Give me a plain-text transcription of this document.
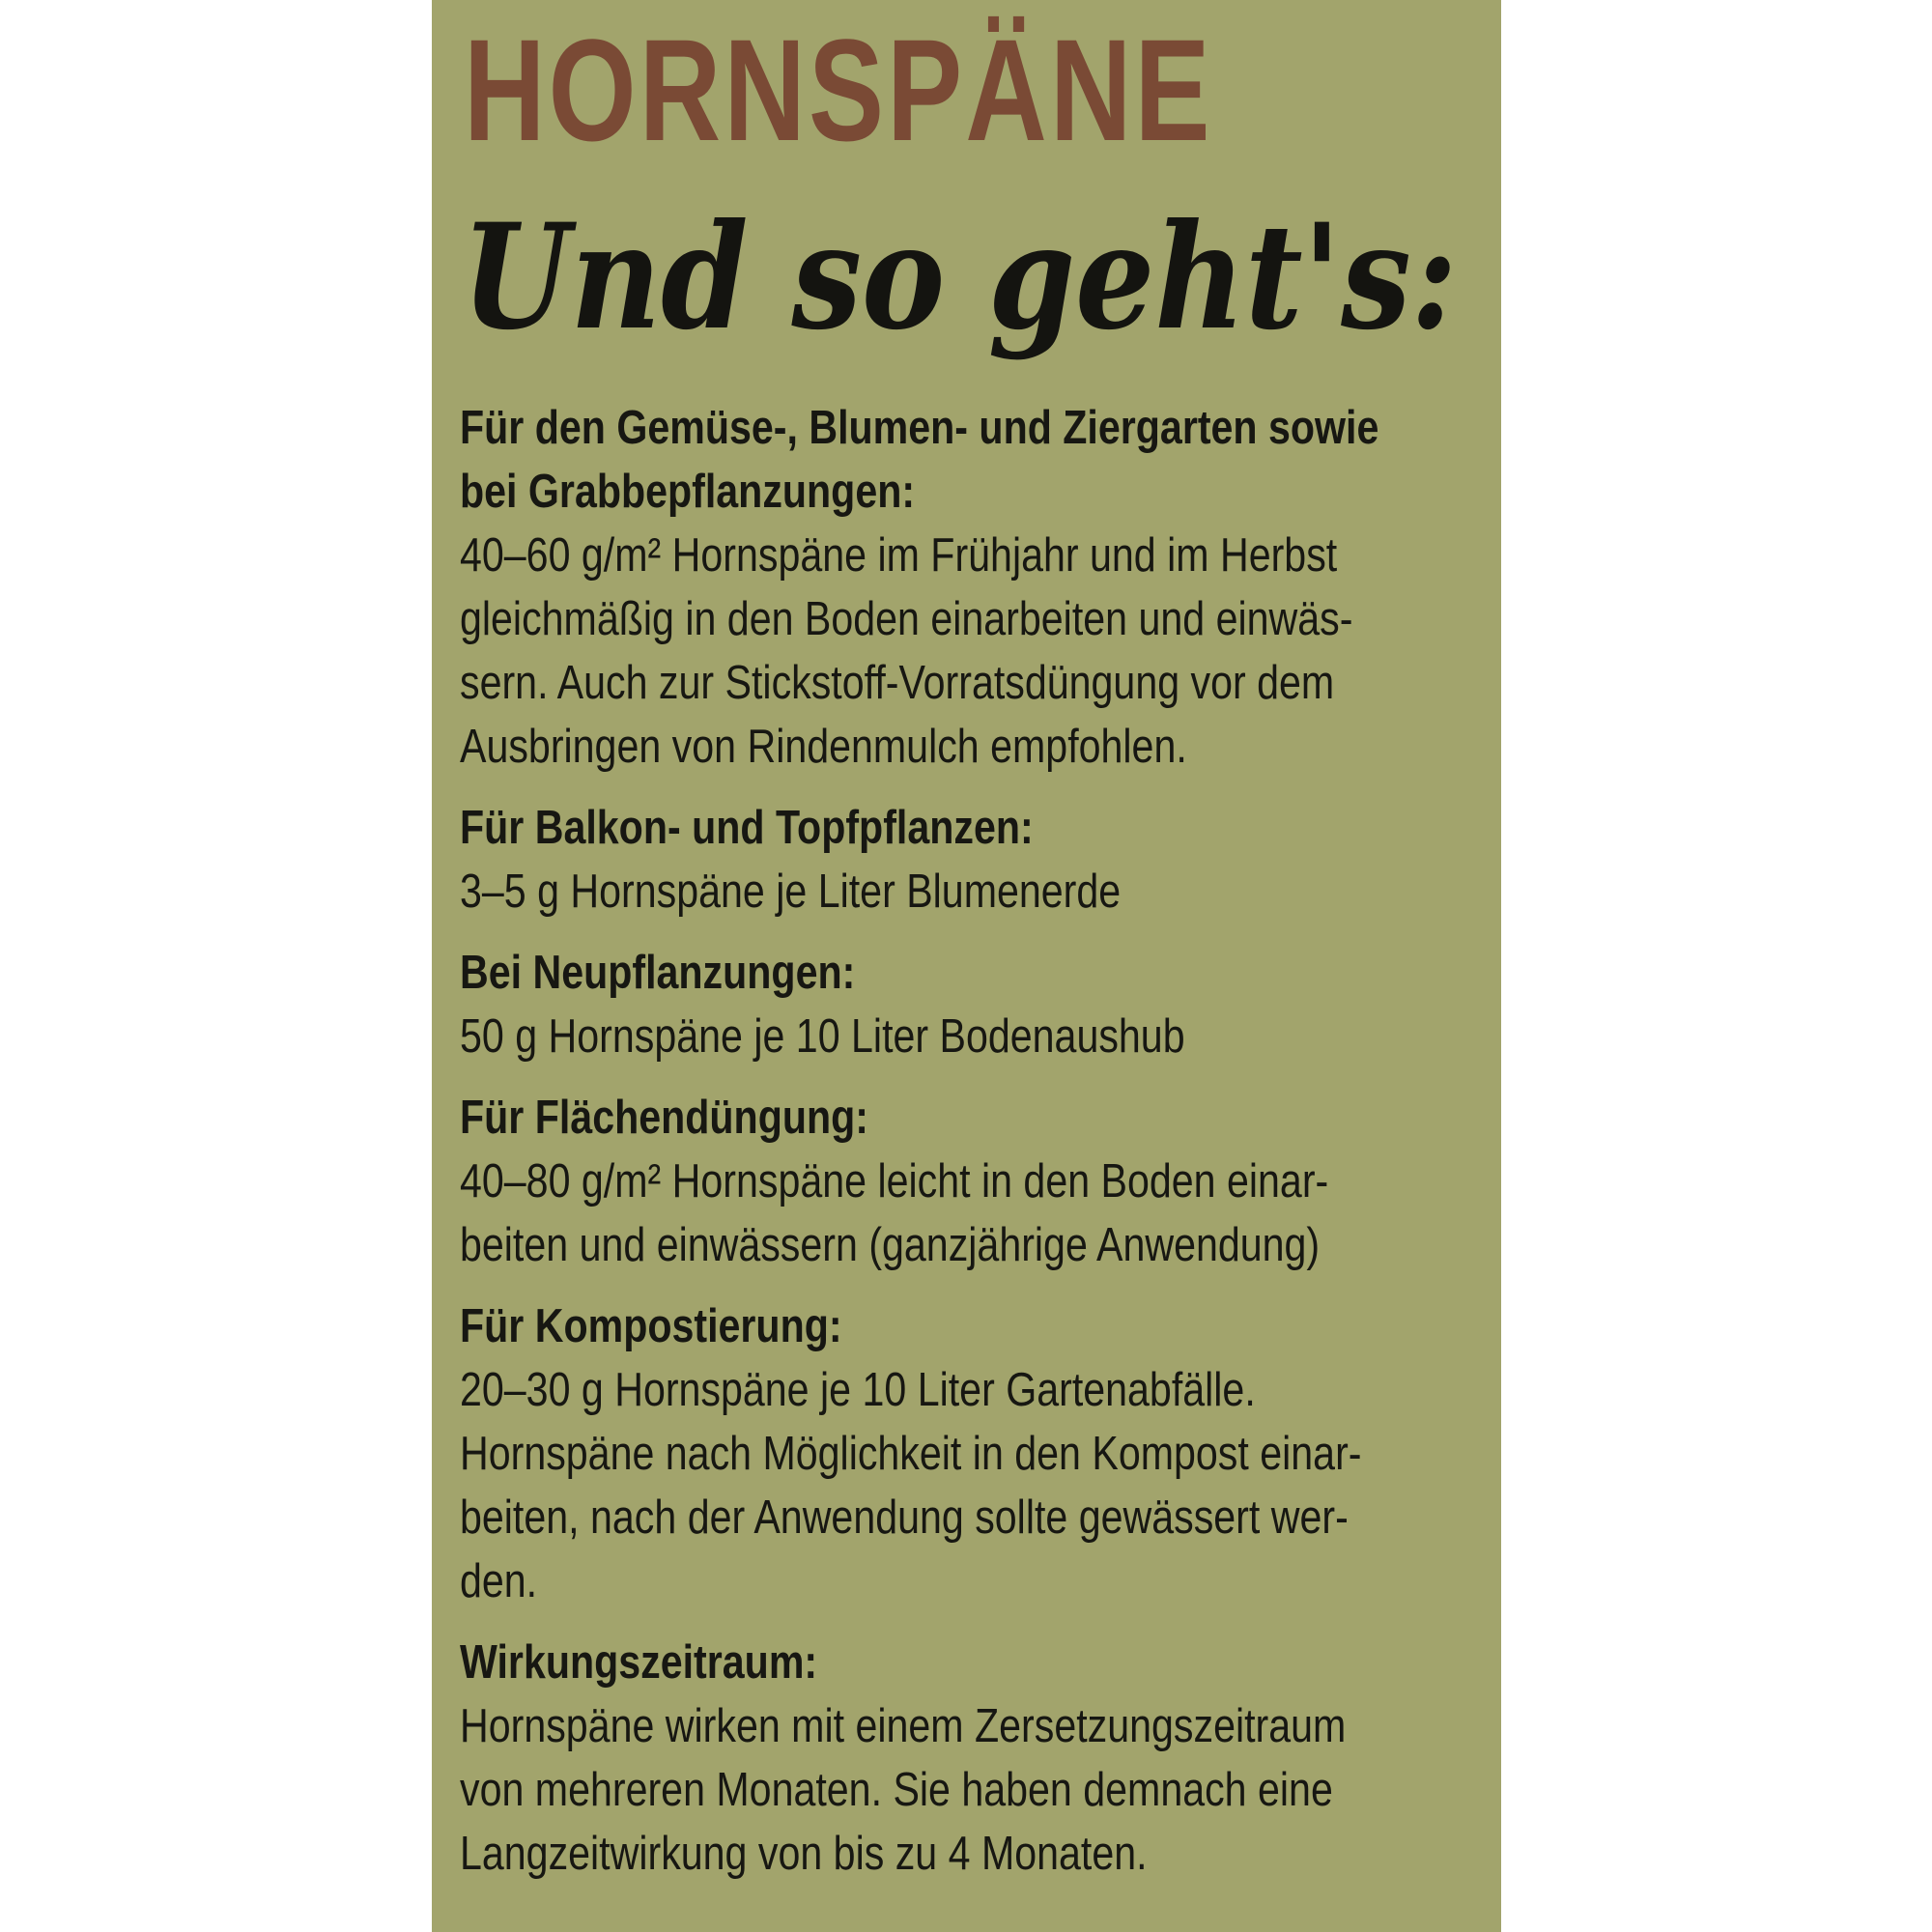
HORNSPÄNE
Und so geht's:
Für den Gemüse-, Blumen- und Ziergarten sowie
bei Grabbepflanzungen:
40–60 g/m² Hornspäne im Frühjahr und im Herbst
gleichmäßig in den Boden einarbeiten und einwäs-
sern. Auch zur Stickstoff-Vorratsdüngung vor dem
Ausbringen von Rindenmulch empfohlen.
Für Balkon- und Topfpflanzen:
3–5 g Hornspäne je Liter Blumenerde
Bei Neupflanzungen:
50 g Hornspäne je 10 Liter Bodenaushub
Für Flächendüngung:
40–80 g/m² Hornspäne leicht in den Boden einar-
beiten und einwässern (ganzjährige Anwendung)
Für Kompostierung:
20–30 g Hornspäne je 10 Liter Gartenabfälle.
Hornspäne nach Möglichkeit in den Kompost einar-
beiten, nach der Anwendung sollte gewässert wer-
den.
Wirkungszeitraum:
Hornspäne wirken mit einem Zersetzungszeitraum
von mehreren Monaten. Sie haben demnach eine
Langzeitwirkung von bis zu 4 Monaten.
